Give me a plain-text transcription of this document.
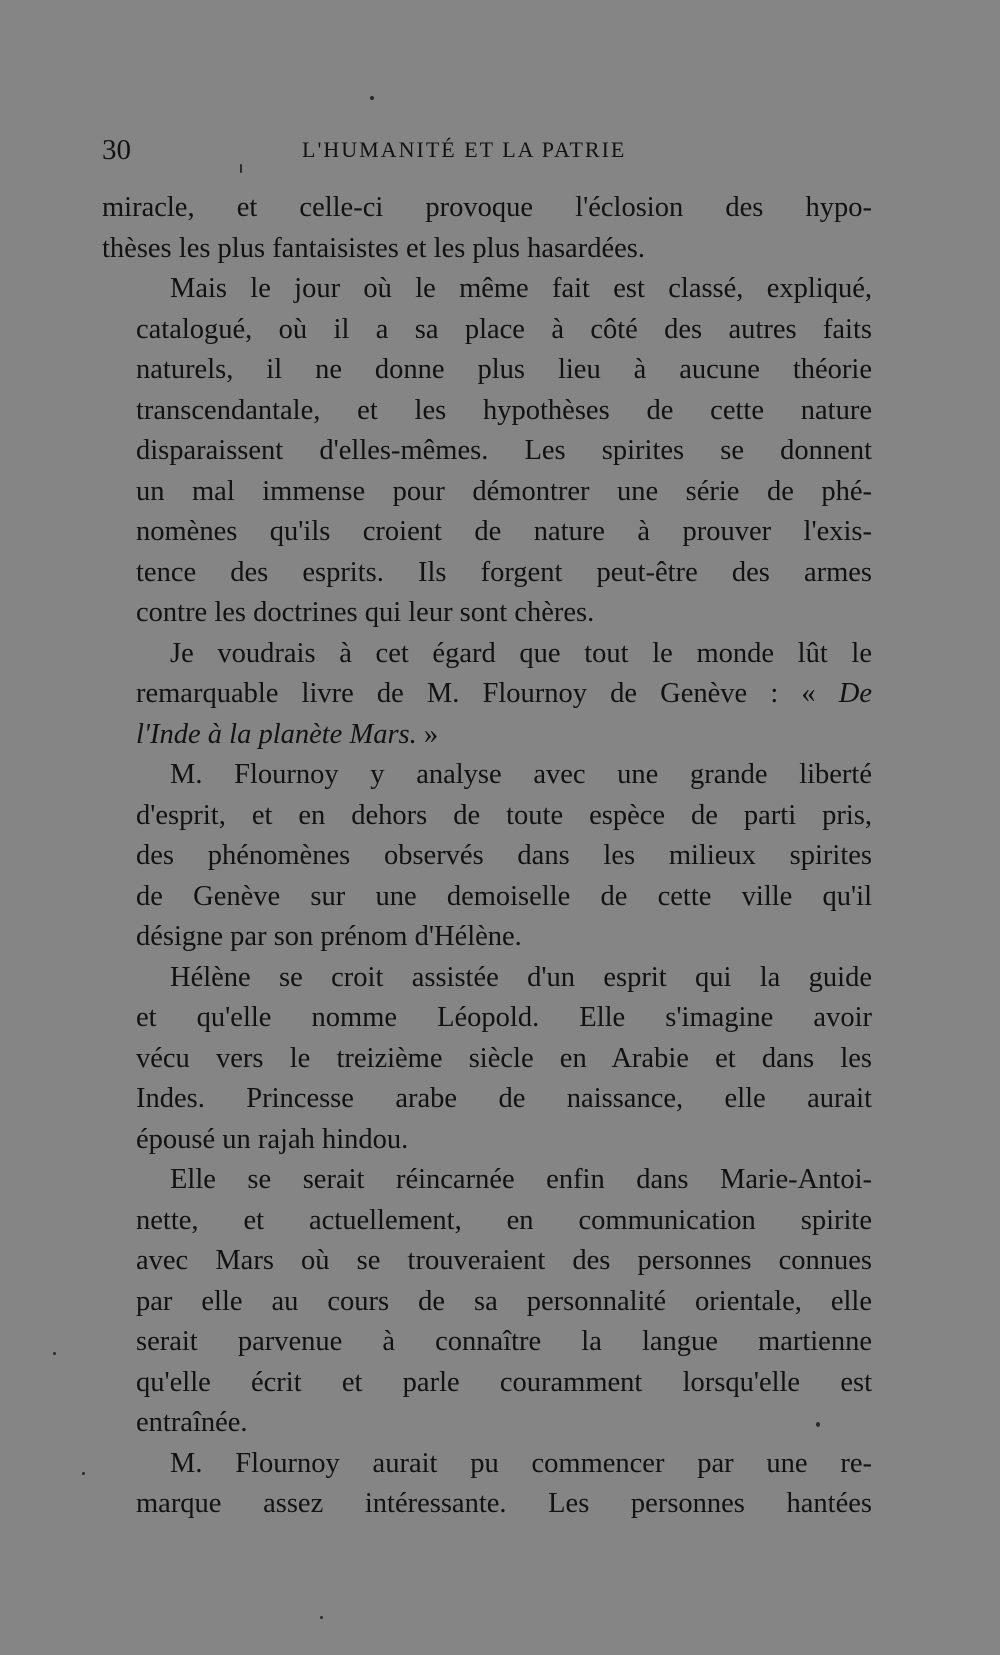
30	L'HUMANITÉ ET LA PATRIE
miracle, et celle-ci provoque l'éclosion des hypo-
thèses les plus fantaisistes et les plus hasardées.
Mais le jour où le même fait est classé, expliqué,
catalogué, où il a sa place à côté des autres faits
naturels, il ne donne plus lieu à aucune théorie
transcendantale, et les hypothèses de cette nature
disparaissent d'elles-mêmes. Les spirites se donnent
un mal immense pour démontrer une série de phé-
nomènes qu'ils croient de nature à prouver l'exis-
tence des esprits. Ils forgent peut-être des armes
contre les doctrines qui leur sont chères.
Je voudrais à cet égard que tout le monde lût le
remarquable livre de M. Flournoy de Genève : « De
l'Inde à la planète Mars. »
M. Flournoy y analyse avec une grande liberté
d'esprit, et en dehors de toute espèce de parti pris,
des phénomènes observés dans les milieux spirites
de Genève sur une demoiselle de cette ville qu'il
désigne par son prénom d'Hélène.
Hélène se croit assistée d'un esprit qui la guide
et qu'elle nomme Léopold. Elle s'imagine avoir
vécu vers le treizième siècle en Arabie et dans les
Indes. Princesse arabe de naissance, elle aurait
épousé un rajah hindou.
Elle se serait réincarnée enfin dans Marie-Antoi-
nette, et actuellement, en communication spirite
avec Mars où se trouveraient des personnes connues
par elle au cours de sa personnalité orientale, elle
serait parvenue à connaître la langue martienne
qu'elle écrit et parle couramment lorsqu'elle est
entraînée.
M. Flournoy aurait pu commencer par une re-
marque assez intéressante. Les personnes hantées
